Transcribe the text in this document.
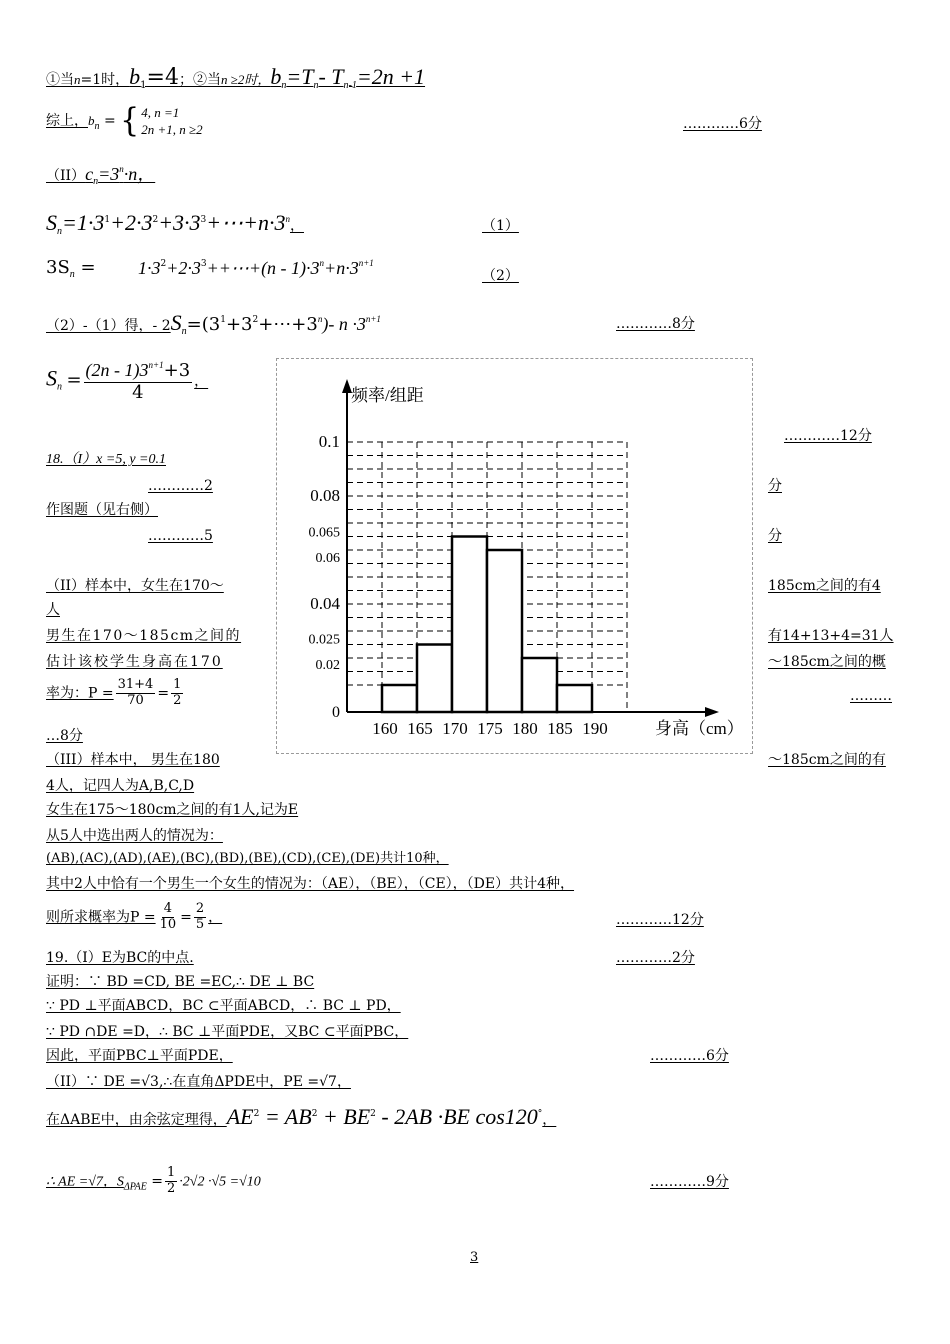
①当n=1时，$b_1=4$；②当n ≥2时，$b_n=T_n-$ $T_{n-1}=2n +1$
综上，$b_n$ = { 4, n =1
2n +1, n ≥2	…………6分
$(II)c_n=3^n\cdot n$，
$S_n=1\cdot 3^1+2\cdot 3^2+3\cdot 3^3+\cdots+n\cdot 3^n$，	（1）
$3S_n$ = $1\cdot 3^2+2\cdot 3^3++\cdots+(n - 1)\cdot 3^n+n\cdot 3^{n+1}$
（2）
（2）-（1）得，- $2S_n=(3^1+3^2+\cdots+3^n)-$ $n \cdot 3^{n+1}$	…………8分
$S_n = \frac{(2n - 1)3^{n+1}+3}{4}$ ，
…………12分
18.（I）x =5, y =0.1
…………2	分
作图题（见右侧）
…………5	分
（II）样本中，女生在170～	185cm之间的有4
人
男生在170～185cm之间的	有14+13+4=31人
估计该校学生身高在170	～185cm之间的概
率为：$P = \frac{31+4}{70} = \frac{1}{2}$	………
…8分
（III）样本中， 男生在180	～185cm之间的有
4人，记四人为A,B,C,D
女生在175～180cm之间的有1人,记为E
从5人中选出两人的情况为：
(AB),(AC),(AD),(AE),(BC),(BD),(BE),(CD),(CE),(DE)共计10种，
其中2人中恰有一个男生一个女生的情况为：（AE），（BE），（CE），（DE）共计4种，
则所求概率为$P = \frac{4}{10} = \frac{2}{5}$ ，	…………12分
19.（I）E为BC的中点.	…………2分
证明：∵ BD =CD, BE =EC,∴ DE ⊥ BC
∵ PD ⊥平面ABCD，BC ⊂平面ABCD，∴ BC ⊥ PD，
∵ PD ∩DE =D，∴ BC ⊥平面PDE，又BC ⊂平面PBC，
因此，平面PBC⊥平面PDE，	…………6分
（II）∵ DE =√3,∴在直角ΔPDE中，PE =√7，
在ΔABE中，由余弦定理得，$AE^2 = AB^2 + BE^2 - 2AB \cdot BE$ cos120°，
∴ AE =√7，$S_{\Delta PAE} = \frac{1}{2} \cdot 2√2 \cdot√5 =√10$	…………9分
3
0
0.02
0.025
0.04
0.06
0.065
0.08
0.1
160 165 170 175 180 185 190
频率/组距
身高（cm）
